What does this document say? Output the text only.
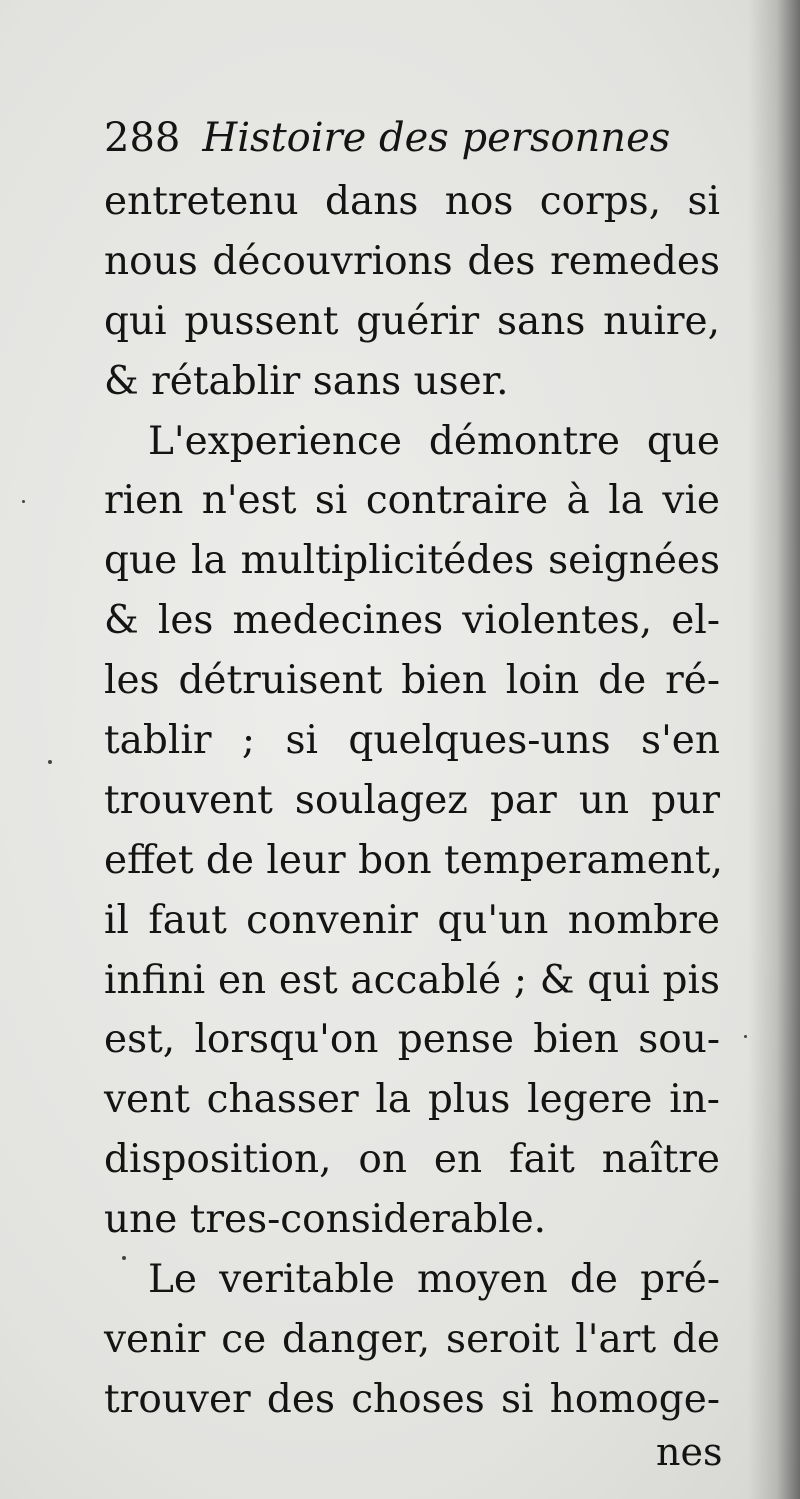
288 Histoire des personnes
entretenu dans nos corps, si
nous découvrions des remedes
qui pussent guérir sans nuire,
& rétablir sans user.
L'experience démontre que
rien n'est si contraire à la vie
que la multiplicitédes seignées
& les medecines violentes, el-
les détruisent bien loin de ré-
tablir ; si quelques-uns s'en
trouvent soulagez par un pur
effet de leur bon temperament,
il faut convenir qu'un nombre
infini en est accablé ; & qui pis
est, lorsqu'on pense bien sou-
vent chasser la plus legere in-
disposition, on en fait naître
une tres-considerable.
Le veritable moyen de pré-
venir ce danger, seroit l'art de
trouver des choses si homoge-
nes
